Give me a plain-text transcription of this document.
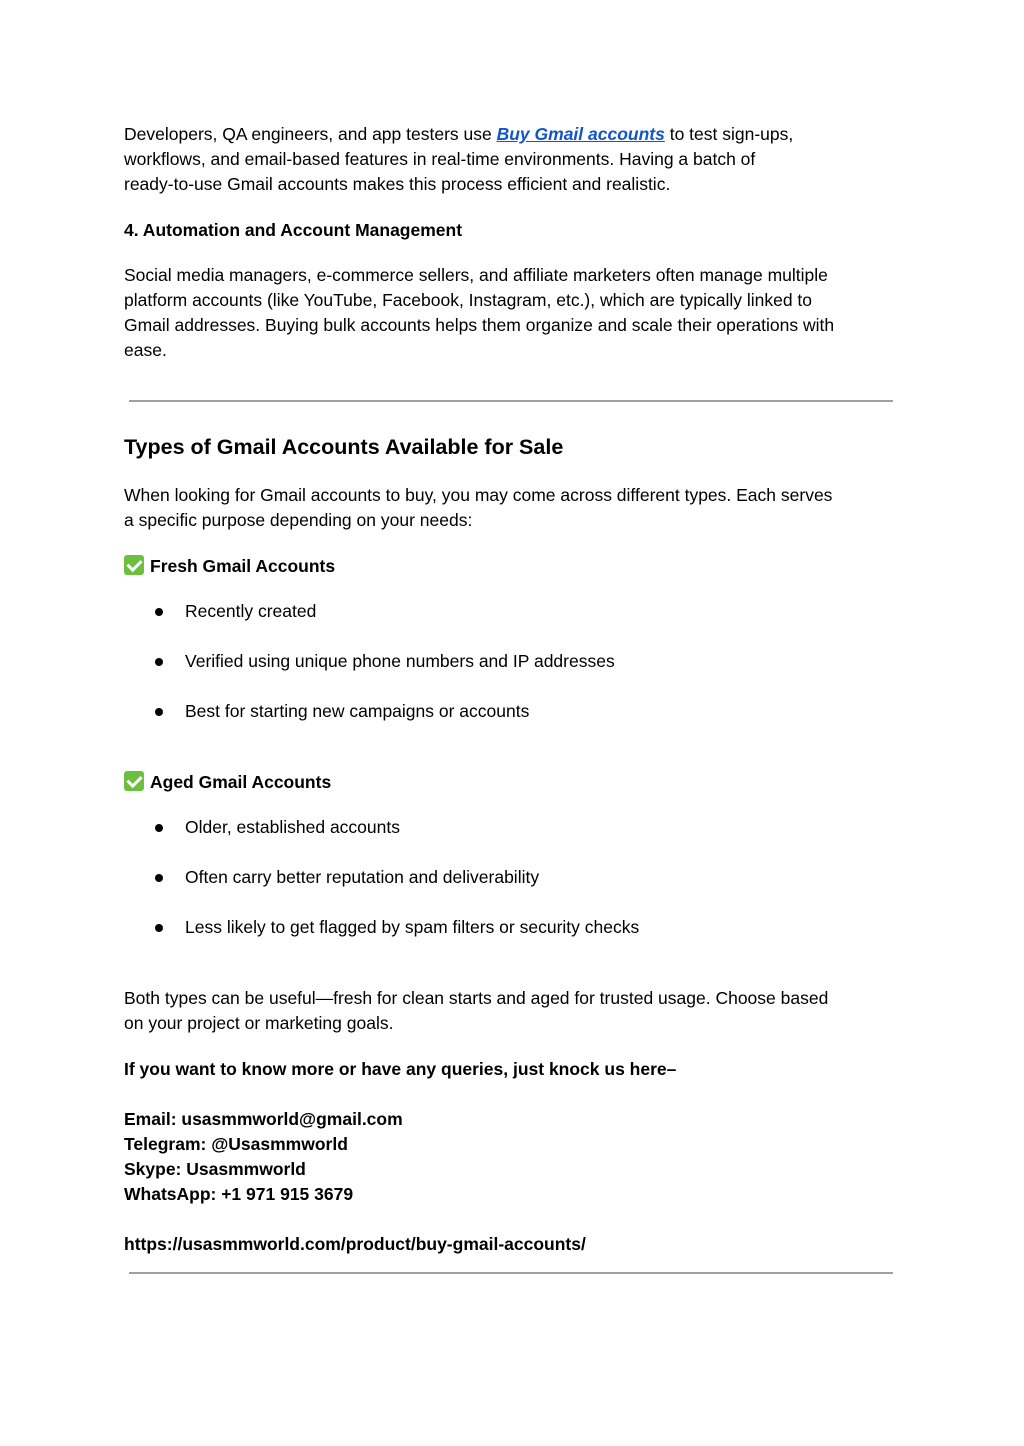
Developers, QA engineers, and app testers use Buy Gmail accounts to test sign-ups,

workflows, and email-based features in real-time environments. Having a batch of

ready-to-use Gmail accounts makes this process efficient and realistic.

4. Automation and Account Management

Social media managers, e-commerce sellers, and affiliate marketers often manage multiple

platform accounts (like YouTube, Facebook, Instagram, etc.), which are typically linked to

Gmail addresses. Buying bulk accounts helps them organize and scale their operations with

ease.

Types of Gmail Accounts Available for Sale

When looking for Gmail accounts to buy, you may come across different types. Each serves

a specific purpose depending on your needs:

Fresh Gmail Accounts

Recently created
Verified using unique phone numbers and IP addresses
Best for starting new campaigns or accounts

Aged Gmail Accounts

Older, established accounts
Often carry better reputation and deliverability
Less likely to get flagged by spam filters or security checks

Both types can be useful—fresh for clean starts and aged for trusted usage. Choose based

on your project or marketing goals.

If you want to know more or have any queries, just knock us here–

Email: usasmmworld@gmail.com

Telegram: @Usasmmworld

Skype: Usasmmworld

WhatsApp: +1 971 915 3679

https://usasmmworld.com/product/buy-gmail-accounts/
